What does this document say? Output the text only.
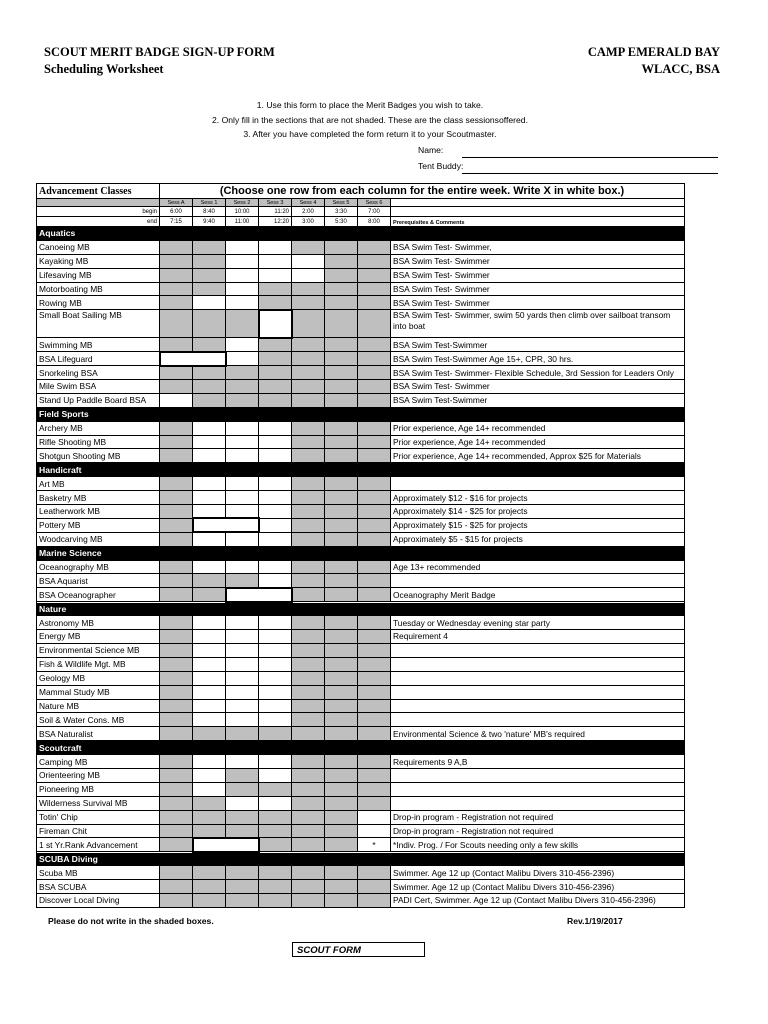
SCOUT MERIT BADGE SIGN-UP FORM
Scheduling Worksheet
CAMP EMERALD BAY
WLACC, BSA
1. Use this form to place the Merit Badges you wish to take.
2. Only fill in the sections that are not shaded. These are the class sessionsoffered.
3. After you have completed the form return it to your Scoutmaster.
Name:
Tent Buddy:
Advancement Classes	(Choose one row from each column for the entire week. Write X in white box.)							
	Sess A	Sess 1	Sess 2	Sess 3	Sess 4	Sess 5	Sess 6	
begin	6:00	8:40	10:00	11:20	2:00	3:30	7:00	
end	7:15	9:40	11:00	12:20	3:00	5:30	8:00	Prerequisites & Comments
Aquatics								
Canoeing MB								BSA Swim Test- Swimmer,
Kayaking MB								BSA Swim Test- Swimmer
Lifesaving MB								BSA Swim Test- Swimmer
Motorboating MB								BSA Swim Test- Swimmer
Rowing MB								BSA Swim Test- Swimmer
Small Boat Sailing MB								BSA Swim Test- Swimmer, swim 50 yards then climb over sailboat transom into boat
Swimming MB								BSA Swim Test-Swimmer
BSA Lifeguard								BSA Swim Test-Swimmer Age 15+, CPR, 30 hrs.
Snorkeling BSA								BSA Swim Test- Swimmer- Flexible Schedule, 3rd Session for Leaders Only
Mile Swim BSA								BSA Swim Test- Swimmer
Stand Up Paddle Board BSA								BSA Swim Test-Swimmer
Field Sports								
Archery MB								Prior experience, Age 14+ recommended
Rifle Shooting MB								Prior experience, Age 14+ recommended
Shotgun Shooting MB								Prior experience, Age 14+ recommended, Approx $25 for Materials
Handicraft								
Art MB								
Basketry MB								Approximately $12 - $16 for projects
Leatherwork MB								Approximately $14 - $25 for projects
Pottery MB								Approximately $15 - $25 for projects
Woodcarving MB								Approximately $5 - $15 for projects
Marine Science								
Oceanography MB								Age 13+ recommended
BSA Aquarist								
BSA Oceanographer								Oceanography Merit Badge
Nature								
Astronomy MB								Tuesday or Wednesday evening star party
Energy MB								Requirement 4
Environmental Science MB								
Fish & Wildlife Mgt. MB								
Geology MB								
Mammal Study MB								
Nature MB								
Soil & Water Cons. MB								
BSA Naturalist								Environmental Science & two 'nature' MB's required
Scoutcraft								
Camping MB								Requirements 9 A,B
Orienteering MB								
Pioneering MB								
Wilderness Survival MB								
Totin' Chip								Drop-in program - Registration not required
Fireman Chit								Drop-in program - Registration not required
1 st Yr.Rank Advancement							*	*Indiv. Prog. / For Scouts needing only a few skills
SCUBA Diving								
Scuba MB								Swimmer. Age 12 up (Contact Malibu Divers 310-456-2396)
BSA SCUBA								Swimmer. Age 12 up (Contact Malibu Divers 310-456-2396)
Discover Local Diving								PADI Cert, Swimmer. Age 12 up (Contact Malibu Divers 310-456-2396)
Please do not write in the shaded boxes.	Rev.1/19/2017
SCOUT FORM
